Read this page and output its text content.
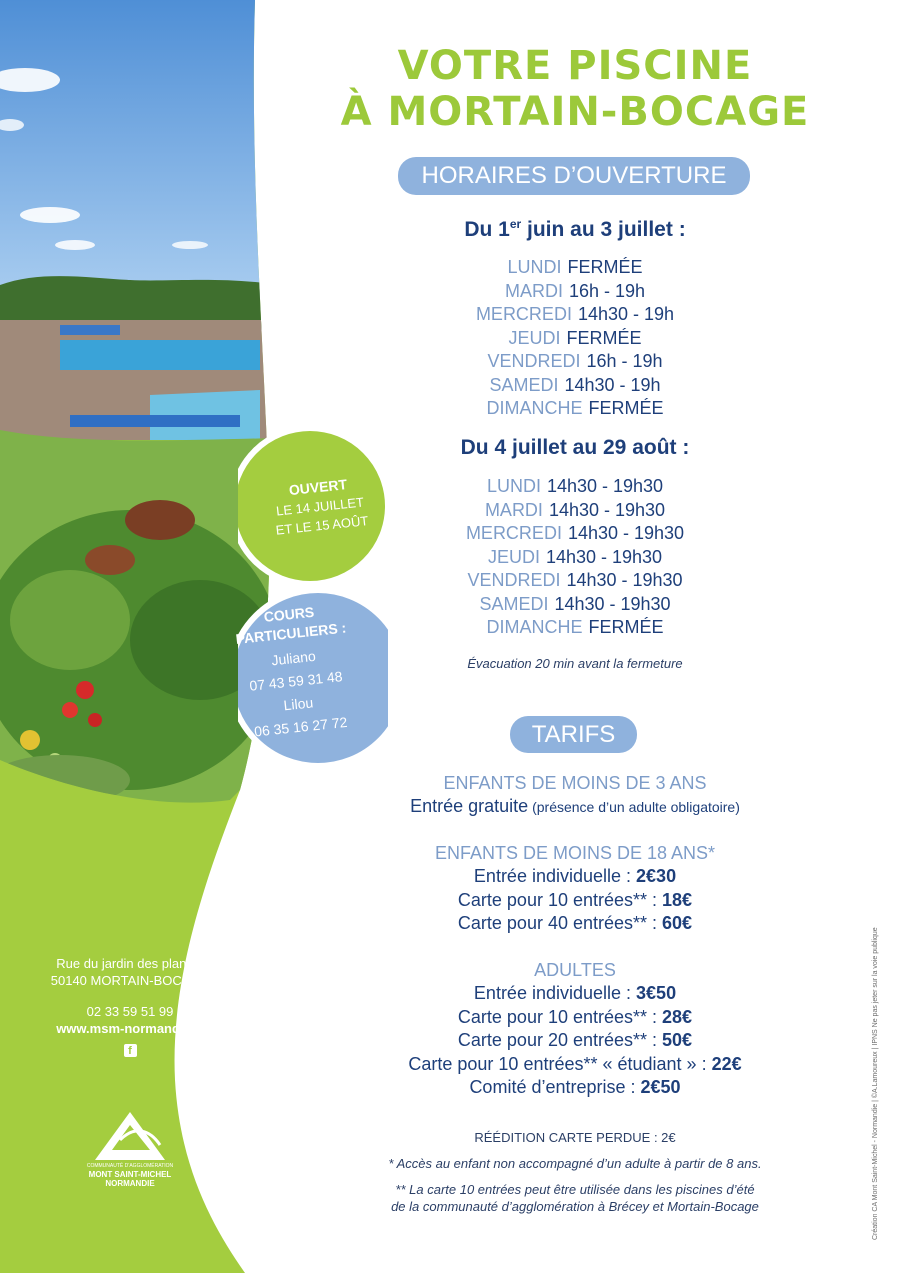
OUVERT
LE 14 JUILLET
ET LE 15 AOÛT
COURS
PARTICULIERS :
Juliano
07 43 59 31 48
Lilou
06 35 16 27 72
Rue du jardin des plantes
50140 MORTAIN-BOCAGE
02 33 59 51 99
www.msm-normandie.fr
f
COMMUNAUTÉ D’AGGLOMÉRATION
MONT SAINT-MICHEL
NORMANDIE
VOTRE PISCINE
À MORTAIN-BOCAGE
HORAIRES D’OUVERTURE
Du 1er juin au 3 juillet :
LUNDI FERMÉE
MARDI 16h - 19h
MERCREDI 14h30 - 19h
JEUDI FERMÉE
VENDREDI 16h - 19h
SAMEDI 14h30 - 19h
DIMANCHE FERMÉE
Du 4 juillet au 29 août :
LUNDI 14h30 - 19h30
MARDI 14h30 - 19h30
MERCREDI 14h30 - 19h30
JEUDI 14h30 - 19h30
VENDREDI 14h30 - 19h30
SAMEDI 14h30 - 19h30
DIMANCHE FERMÉE
Évacuation 20 min avant la fermeture
TARIFS
ENFANTS DE MOINS DE 3 ANS
Entrée gratuite (présence d’un adulte obligatoire)
ENFANTS DE MOINS DE 18 ANS*
Entrée individuelle : 2€30
Carte pour 10 entrées** : 18€
Carte pour 40 entrées** : 60€
ADULTES
Entrée individuelle : 3€50
Carte pour 10 entrées** : 28€
Carte pour 20 entrées** : 50€
Carte pour 10 entrées** « étudiant » : 22€
Comité d’entreprise : 2€50
RÉÉDITION CARTE PERDUE : 2€
* Accès au enfant non accompagné d’un adulte à partir de 8 ans.
** La carte 10 entrées peut être utilisée dans les piscines d’été
de la communauté d’agglomération à Brécey et Mortain-Bocage	Création CA Mont Saint-Michel - Normandie | ©A.Lamoureux | IPNS Ne pas jeter sur la voie publique
